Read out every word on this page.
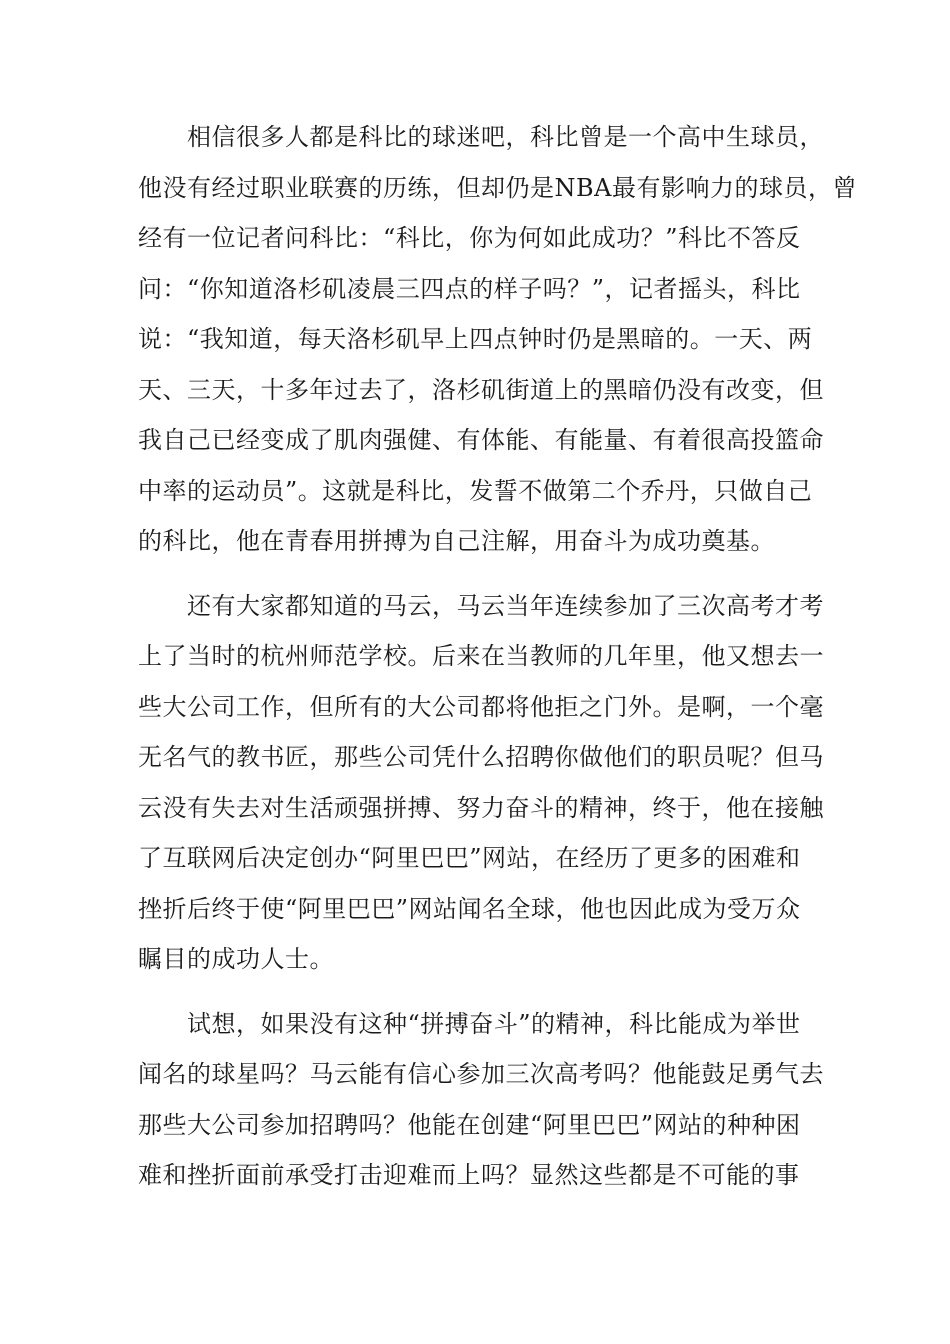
　　相信很多人都是科比的球迷吧，科比曾是一个高中生球员，
他没有经过职业联赛的历练，但却仍是NBA最有影响力的球员，曾
经有一位记者问科比：“科比，你为何如此成功？”科比不答反
问：“你知道洛杉矶凌晨三四点的样子吗？”，记者摇头，科比
说：“我知道，每天洛杉矶早上四点钟时仍是黑暗的。一天、两
天、三天，十多年过去了，洛杉矶街道上的黑暗仍没有改变，但
我自己已经变成了肌肉强健、有体能、有能量、有着很高投篮命
中率的运动员”。这就是科比，发誓不做第二个乔丹，只做自己
的科比，他在青春用拼搏为自己注解，用奋斗为成功奠基。

　　还有大家都知道的马云，马云当年连续参加了三次高考才考
上了当时的杭州师范学校。后来在当教师的几年里，他又想去一
些大公司工作，但所有的大公司都将他拒之门外。是啊，一个毫
无名气的教书匠，那些公司凭什么招聘你做他们的职员呢？但马
云没有失去对生活顽强拼搏、努力奋斗的精神，终于，他在接触
了互联网后决定创办“阿里巴巴”网站，在经历了更多的困难和
挫折后终于使“阿里巴巴”网站闻名全球，他也因此成为受万众
瞩目的成功人士。

　　试想，如果没有这种“拼搏奋斗”的精神，科比能成为举世
闻名的球星吗？马云能有信心参加三次高考吗？他能鼓足勇气去
那些大公司参加招聘吗？他能在创建“阿里巴巴”网站的种种困
难和挫折面前承受打击迎难而上吗？显然这些都是不可能的事
